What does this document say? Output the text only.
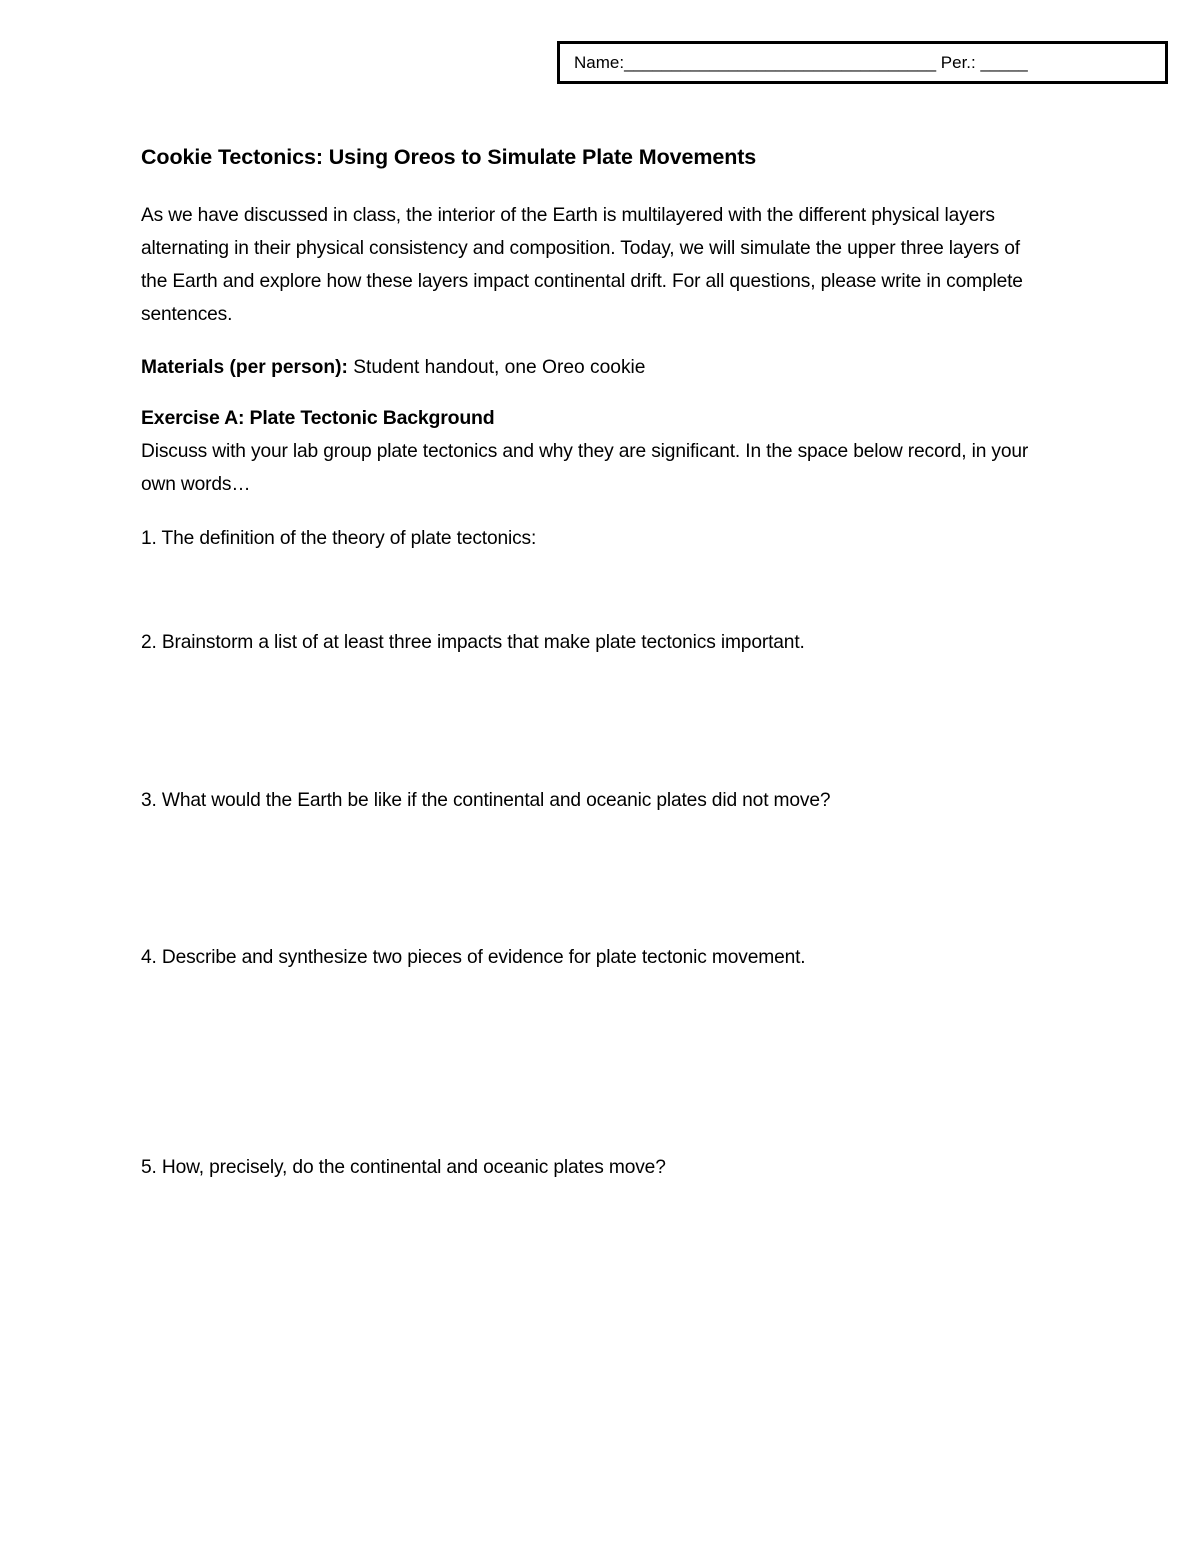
Name:_________________________________ Per.: _____
Cookie Tectonics: Using Oreos to Simulate Plate Movements

As we have discussed in class, the interior of the Earth is multilayered with the different physical layers alternating in their physical consistency and composition. Today, we will simulate the upper three layers of the Earth and explore how these layers impact continental drift. For all questions, please write in complete sentences.

Materials (per person): Student handout, one Oreo cookie

Exercise A: Plate Tectonic Background

Discuss with your lab group plate tectonics and why they are significant. In the space below record, in your own words…

1. The definition of the theory of plate tectonics:

2. Brainstorm a list of at least three impacts that make plate tectonics important.

3. What would the Earth be like if the continental and oceanic plates did not move?

4. Describe and synthesize two pieces of evidence for plate tectonic movement.

5. How, precisely, do the continental and oceanic plates move?
